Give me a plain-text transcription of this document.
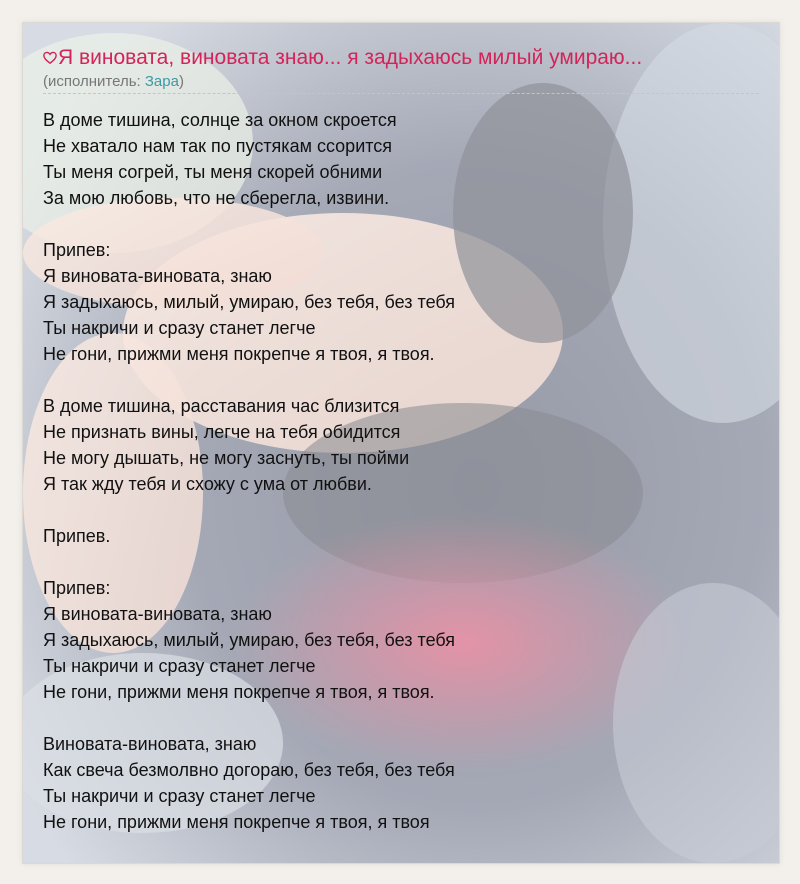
Я виновата, виновата знаю... я задыхаюсь милый умираю...
(исполнитель: Зара)
В доме тишина, солнце за окном скроется
Не хватало нам так по пустякам ссорится
Ты меня согрей, ты меня скорей обними
За мою любовь, что не сберегла, извини.
Припев:
Я виновата-виновата, знаю
Я задыхаюсь, милый, умираю, без тебя, без тебя
Ты накричи и сразу станет легче
Не гони, прижми меня покрепче я твоя, я твоя.
В доме тишина, расставания час близится
Не признать вины, легче на тебя обидится
Не могу дышать, не могу заснуть, ты пойми
Я так жду тебя и схожу с ума от любви.
Припев.
Припев:
Я виновата-виновата, знаю
Я задыхаюсь, милый, умираю, без тебя, без тебя
Ты накричи и сразу станет легче
Не гони, прижми меня покрепче я твоя, я твоя.
Виновата-виновата, знаю
Как свеча безмолвно догораю, без тебя, без тебя
Ты накричи и сразу станет легче
Не гони, прижми меня покрепче я твоя, я твоя
